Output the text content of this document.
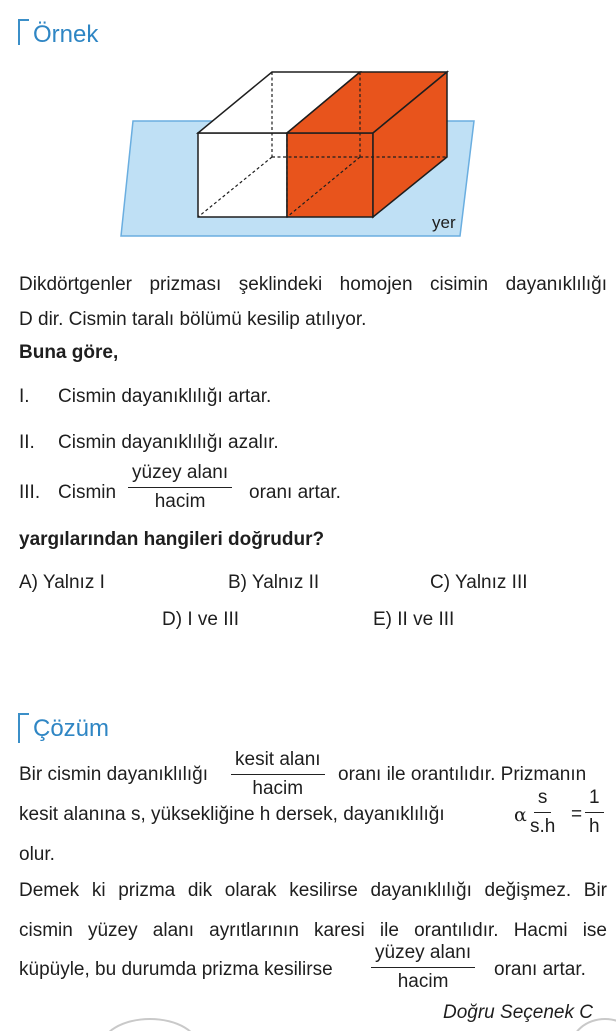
Örnek
yer
Dikdörtgenler prizması şeklindeki homojen cisimin dayanıklılığı
D dir. Cismin taralı bölümü kesilip atılıyor.
Buna göre,
I. Cismin dayanıklılığı artar.
II. Cismin dayanıklılığı azalır.
III. Cismin
yüzey alanı
hacim oranı artar.
yargılarından hangileri doğrudur?
A) Yalnız I	B) Yalnız II	C) Yalnız III
D) I ve III	E) II ve III
Çözüm
Bir cismin dayanıklılığı
kesit alanı
hacim
oranı ile orantılıdır. Prizmanın
kesit alanına s, yüksekliğine h dersek, dayanıklılığı	α $\frac{s}{s.h} = \frac{1}{h}$
olur.
Demek ki prizma dik olarak kesilirse dayanıklılığı değişmez. Bir
cismin yüzey alanı ayrıtlarının karesi ile orantılıdır. Hacmi ise
küpüyle, bu durumda prizma kesilirse
yüzey alanı
hacim
oranı artar.
Doğru Seçenek C
